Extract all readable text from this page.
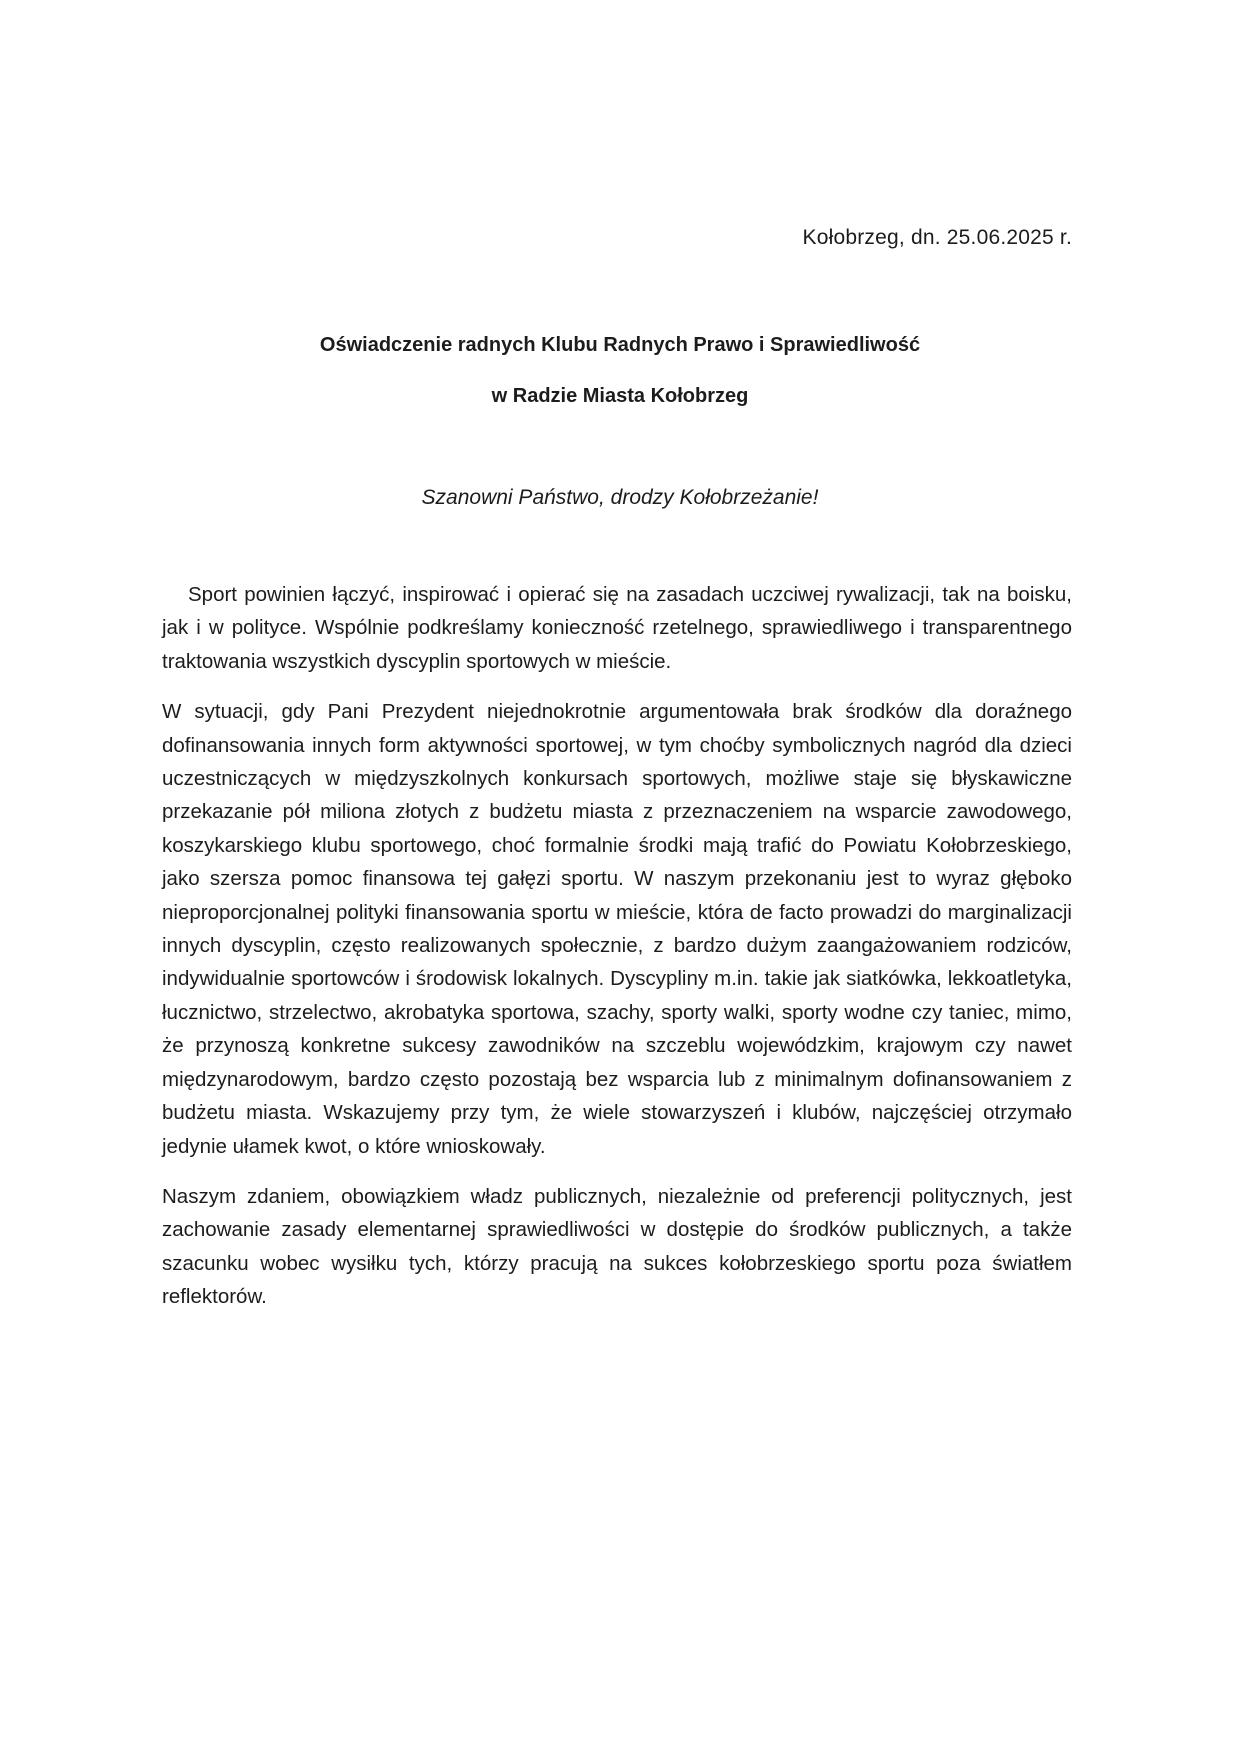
Kołobrzeg, dn. 25.06.2025 r.
Oświadczenie radnych Klubu Radnych Prawo i Sprawiedliwość
w Radzie Miasta Kołobrzeg
Szanowni Państwo, drodzy Kołobrzeżanie!

Sport powinien łączyć, inspirować i opierać się na zasadach uczciwej rywalizacji, tak na boisku, jak i w polityce. Wspólnie podkreślamy konieczność rzetelnego, sprawiedliwego i transparentnego traktowania wszystkich dyscyplin sportowych w mieście.

W sytuacji, gdy Pani Prezydent niejednokrotnie argumentowała brak środków dla doraźnego dofinansowania innych form aktywności sportowej, w tym choćby symbolicznych nagród dla dzieci uczestniczących w międzyszkolnych konkursach sportowych, możliwe staje się błyskawiczne przekazanie pół miliona złotych z budżetu miasta z przeznaczeniem na wsparcie zawodowego, koszykarskiego klubu sportowego, choć formalnie środki mają trafić do Powiatu Kołobrzeskiego, jako szersza pomoc finansowa tej gałęzi sportu. W naszym przekonaniu jest to wyraz głęboko nieproporcjonalnej polityki finansowania sportu w mieście, która de facto prowadzi do marginalizacji innych dyscyplin, często realizowanych społecznie, z bardzo dużym zaangażowaniem rodziców, indywidualnie sportowców i środowisk lokalnych. Dyscypliny m.in. takie jak siatkówka, lekkoatletyka, łucznictwo, strzelectwo, akrobatyka sportowa, szachy, sporty walki, sporty wodne czy taniec, mimo, że przynoszą konkretne sukcesy zawodników na szczeblu wojewódzkim, krajowym czy nawet międzynarodowym, bardzo często pozostają bez wsparcia lub z minimalnym dofinansowaniem z budżetu miasta. Wskazujemy przy tym, że wiele stowarzyszeń i klubów, najczęściej otrzymało jedynie ułamek kwot, o które wnioskowały.

Naszym zdaniem, obowiązkiem władz publicznych, niezależnie od preferencji politycznych, jest zachowanie zasady elementarnej sprawiedliwości w dostępie do środków publicznych, a także szacunku wobec wysiłku tych, którzy pracują na sukces kołobrzeskiego sportu poza światłem reflektorów.
